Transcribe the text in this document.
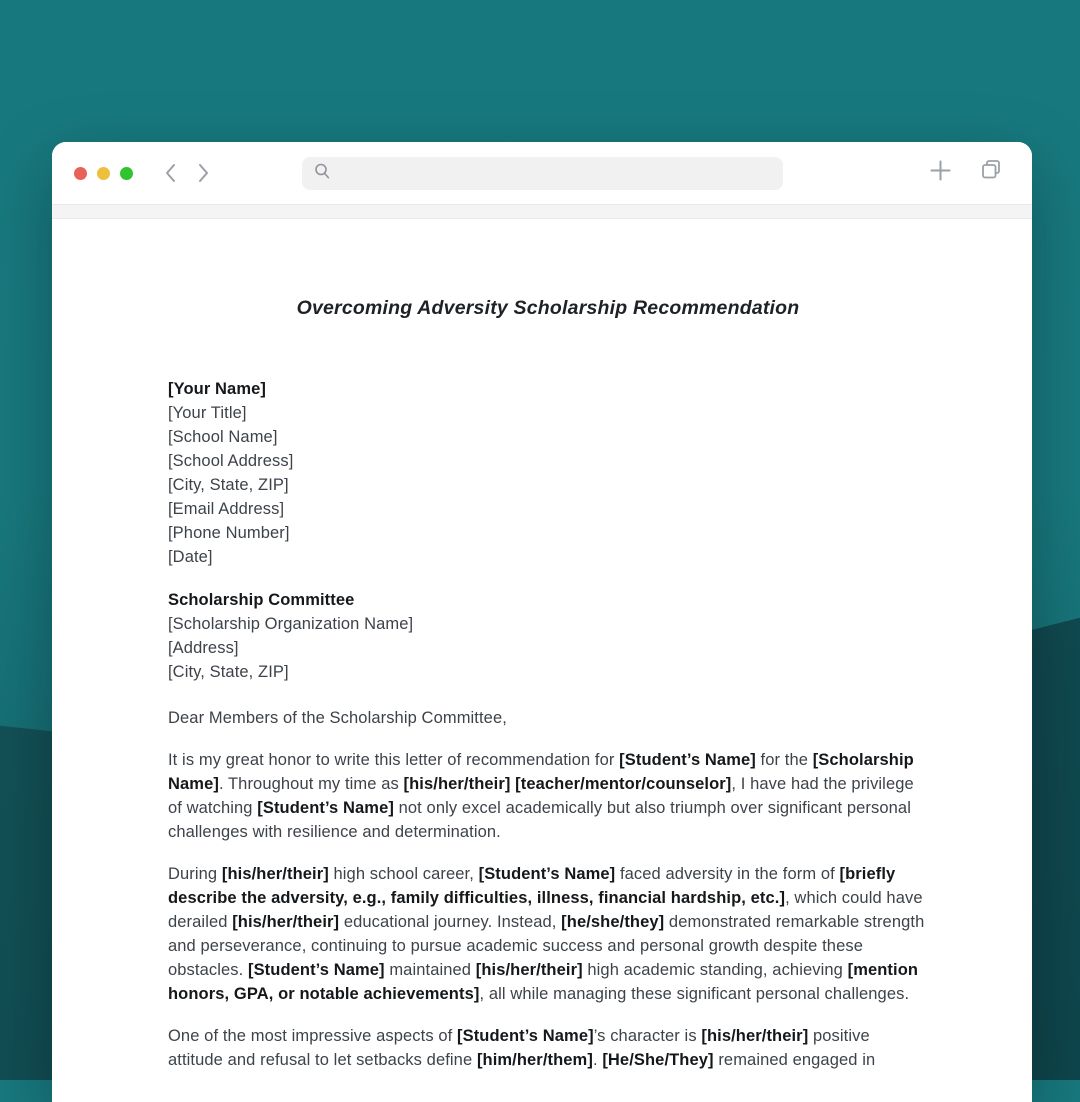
Overcoming Adversity Scholarship Recommendation
[Your Name]
[Your Title]
[School Name]
[School Address]
[City, State, ZIP]
[Email Address]
[Phone Number]
[Date]
Scholarship Committee
[Scholarship Organization Name]
[Address]
[City, State, ZIP]

Dear Members of the Scholarship Committee,

It is my great honor to write this letter of recommendation for [Student’s Name] for the [Scholarship Name]. Throughout my time as [his/her/their] [teacher/mentor/counselor], I have had the privilege of watching [Student’s Name] not only excel academically but also triumph over significant personal challenges with resilience and determination.

During [his/her/their] high school career, [Student’s Name] faced adversity in the form of [briefly describe the adversity, e.g., family difficulties, illness, financial hardship, etc.], which could have derailed [his/her/their] educational journey. Instead, [he/she/they] demonstrated remarkable strength and perseverance, continuing to pursue academic success and personal growth despite these obstacles. [Student’s Name] maintained [his/her/their] high academic standing, achieving [mention honors, GPA, or notable achievements], all while managing these significant personal challenges.

One of the most impressive aspects of [Student’s Name]’s character is [his/her/their] positive attitude and refusal to let setbacks define [him/her/them]. [He/She/They] remained engaged in
